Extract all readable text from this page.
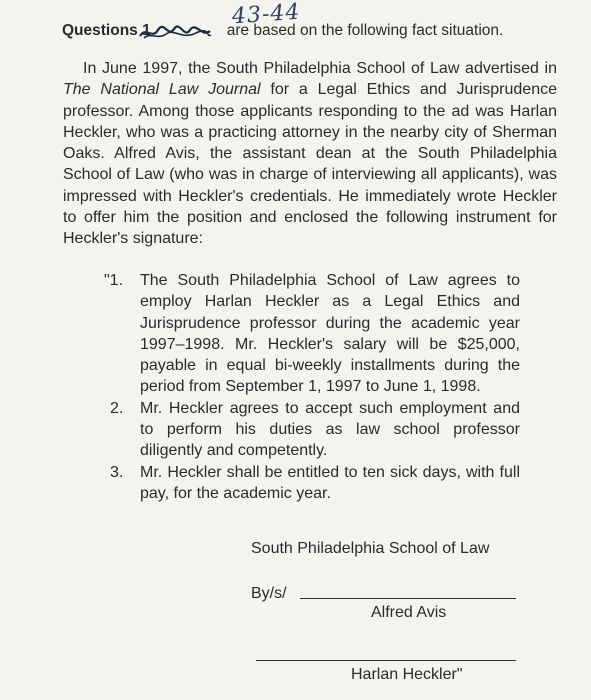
Questions 1	are based on the following fact situation.
43-44

In June 1997, the South Philadelphia School of Law advertised in The National Law Journal for a Legal Ethics and Jurisprudence professor. Among those applicants responding to the ad was Harlan Heckler, who was a practicing attorney in the nearby city of Sherman Oaks. Alfred Avis, the assistant dean at the South Philadelphia School of Law (who was in charge of interviewing all applicants), was impressed with Heckler's credentials. He immediately wrote Heckler to offer him the position and enclosed the following instrument for Heckler's signature:

"1. The South Philadelphia School of Law agrees to employ Harlan Heckler as a Legal Ethics and Jurisprudence professor during the academic year 1997–1998. Mr. Heckler's salary will be $25,000, payable in equal bi-weekly installments during the period from September 1, 1997 to June 1, 1998.
2. Mr. Heckler agrees to accept such employment and to perform his duties as law school professor diligently and competently.
3. Mr. Heckler shall be entitled to ten sick days, with full pay, for the academic year.
South Philadelphia School of Law
By/s/
Alfred Avis
Harlan Heckler"
